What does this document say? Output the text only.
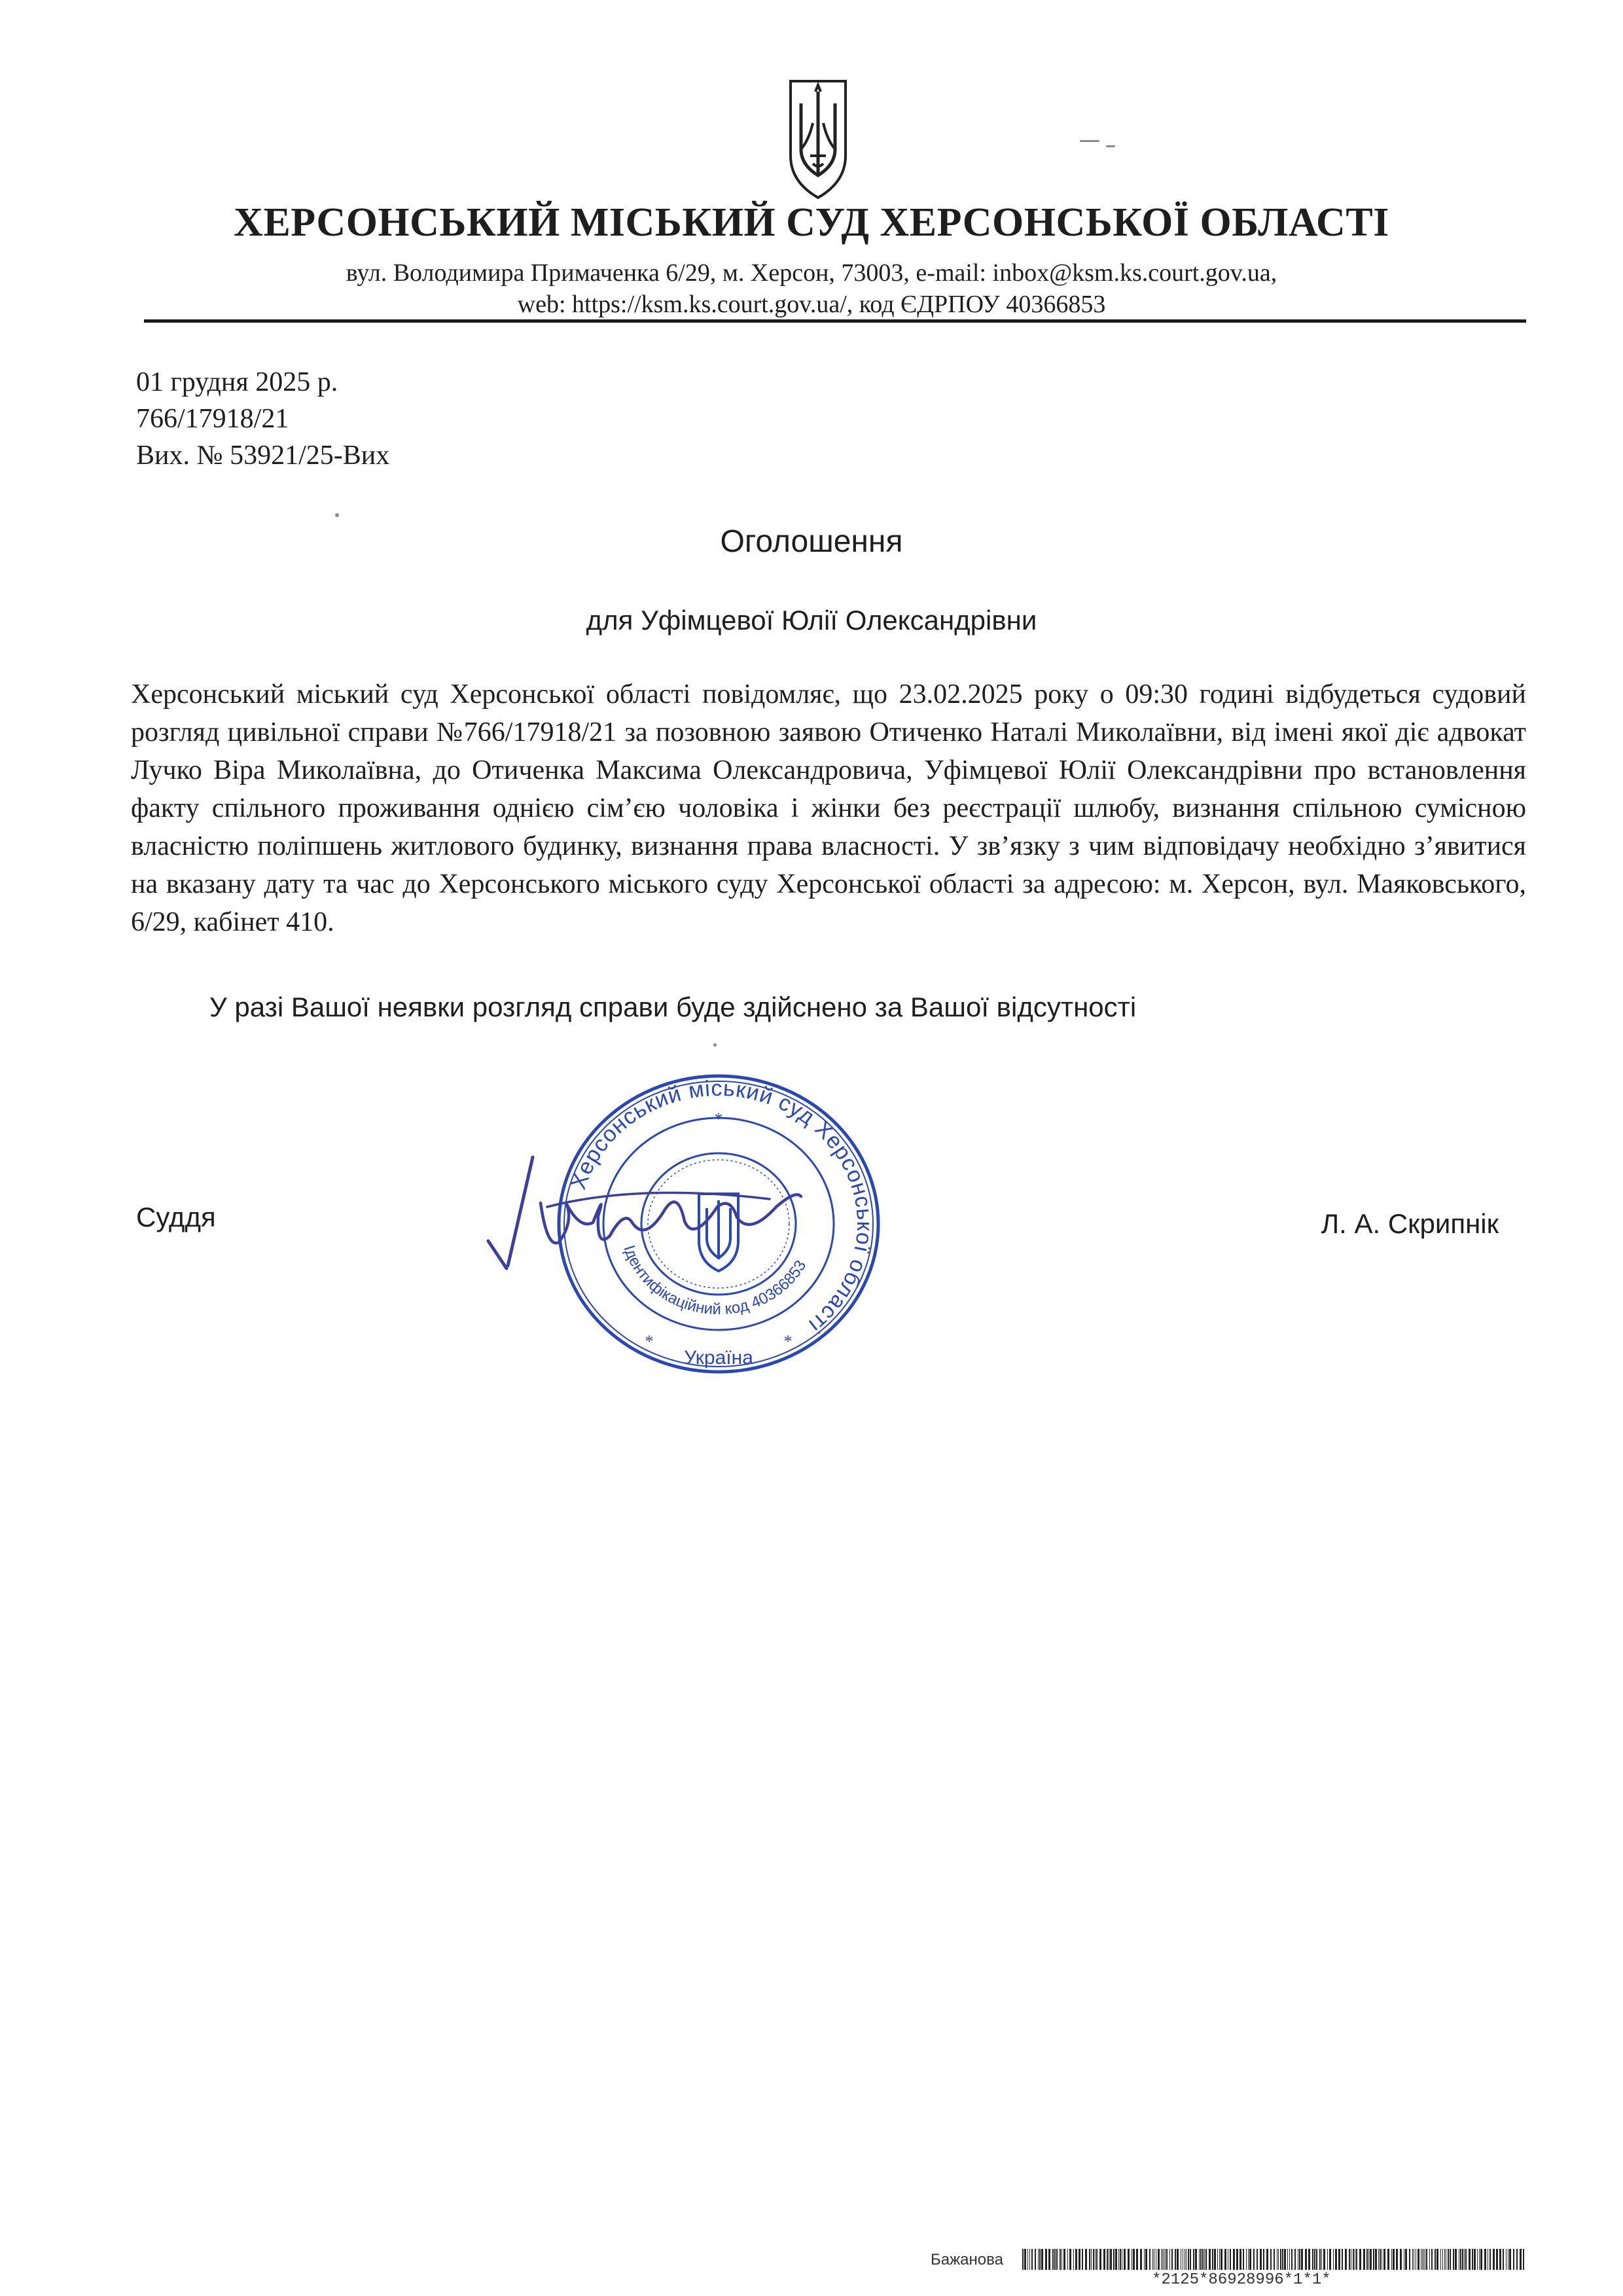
ХЕРСОНСЬКИЙ МІСЬКИЙ СУД ХЕРСОНСЬКОЇ ОБЛАСТІ
вул. Володимира Примаченка 6/29, м. Херсон, 73003, e-mail: inbox@ksm.ks.court.gov.ua,
web: https://ksm.ks.court.gov.ua/, код ЄДРПОУ 40366853
01 грудня 2025 р.
766/17918/21
Вих. № 53921/25-Вих
Оголошення
для Уфімцевої Юлії Олександрівни

Херсонський міський суд Херсонської області повідомляє, що 23.02.2025 року о 09:30 годині відбудеться судовий розгляд цивільної справи №766/17918/21 за позовною заявою Отиченко Наталі Миколаївни, від імені якої діє адвокат Лучко Віра Миколаївна, до Отиченка Максима Олександровича, Уфімцевої Юлії Олександрівни про встановлення факту спільного проживання однією сім’єю чоловіка і жінки без реєстрації шлюбу, визнання спільною сумісною власністю поліпшень житлового будинку, визнання права власності. У зв’язку з чим відповідачу необхідно з’явитися на вказану дату та час до Херсонського міського суду Херсонської області за адресою: м. Херсон, вул. Маяковського, 6/29, кабінет 410.

У разі Вашої неявки розгляд справи буде здійснено за Вашої відсутності

Суддя
Херсонський міський суд Херсонської області
Ідентифікаційний код 40366853
Україна
*
*	*
Л. А. Скрипнік
Бажанова
*2125*86928996*1*1*
